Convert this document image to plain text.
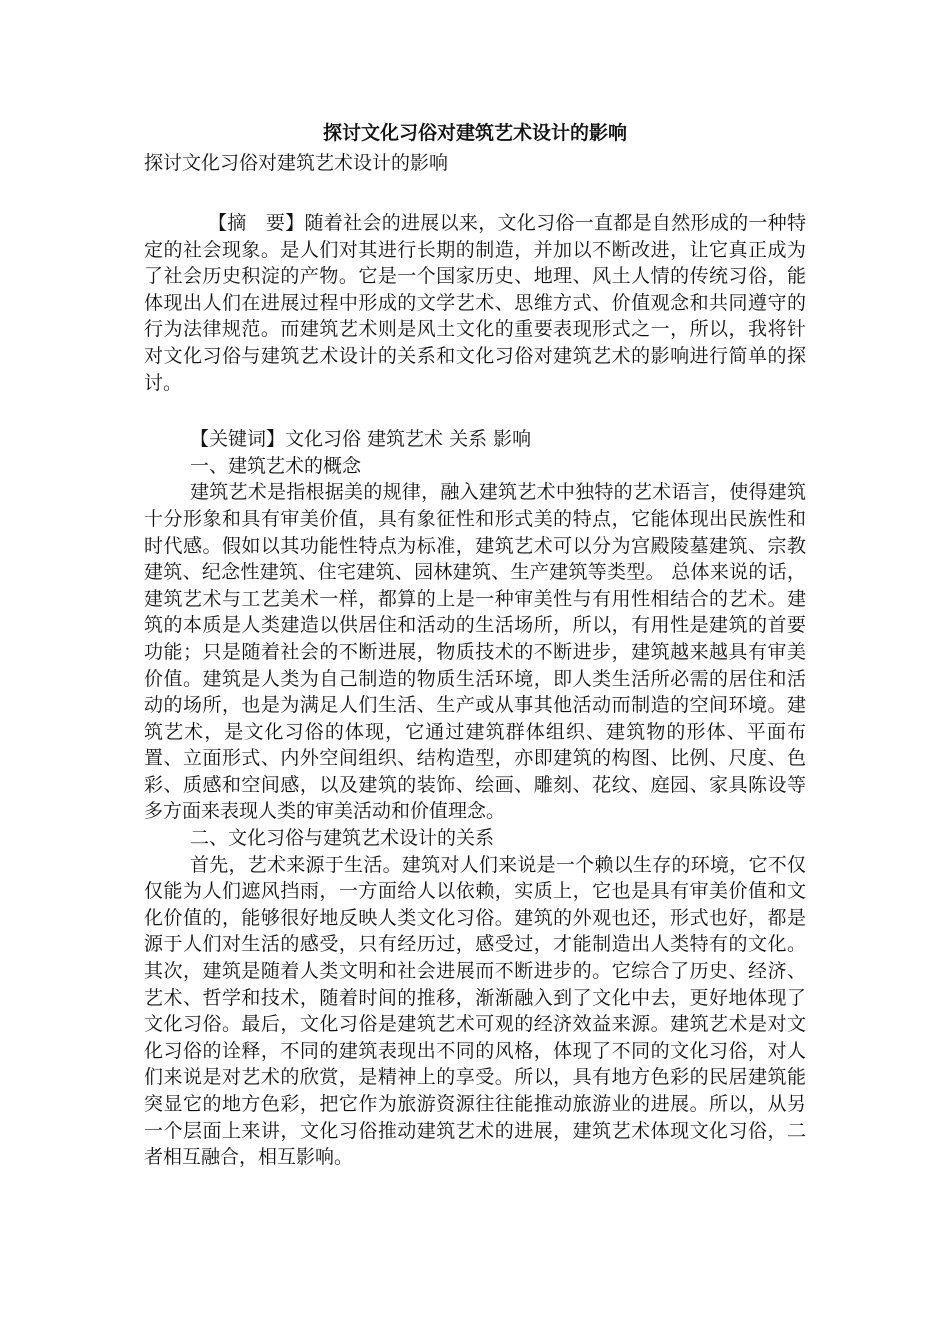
探讨文化习俗对建筑艺术设计的影响

探讨文化习俗对建筑艺术设计的影响

【摘　要】随着社会的进展以来，文化习俗一直都是自然形成的一种特定的社会现象。是人们对其进行长期的制造，并加以不断改进，让它真正成为了社会历史积淀的产物。它是一个国家历史、地理、风土人情的传统习俗，能体现出人们在进展过程中形成的文学艺术、思维方式、价值观念和共同遵守的行为法律规范。而建筑艺术则是风土文化的重要表现形式之一，所以，我将针对文化习俗与建筑艺术设计的关系和文化习俗对建筑艺术的影响进行简单的探讨。

【关键词】文化习俗 建筑艺术 关系 影响

一、建筑艺术的概念

建筑艺术是指根据美的规律，融入建筑艺术中独特的艺术语言，使得建筑十分形象和具有审美价值，具有象征性和形式美的特点，它能体现出民族性和时代感。假如以其功能性特点为标准，建筑艺术可以分为宫殿陵墓建筑、宗教建筑、纪念性建筑、住宅建筑、园林建筑、生产建筑等类型。 总体来说的话，建筑艺术与工艺美术一样，都算的上是一种审美性与有用性相结合的艺术。建筑的本质是人类建造以供居住和活动的生活场所，所以，有用性是建筑的首要功能；只是随着社会的不断进展，物质技术的不断进步，建筑越来越具有审美价值。建筑是人类为自己制造的物质生活环境，即人类生活所必需的居住和活动的场所，也是为满足人们生活、生产或从事其他活动而制造的空间环境。建筑艺术，是文化习俗的体现，它通过建筑群体组织、建筑物的形体、平面布置、立面形式、内外空间组织、结构造型，亦即建筑的构图、比例、尺度、色彩、质感和空间感，以及建筑的装饰、绘画、雕刻、花纹、庭园、家具陈设等多方面来表现人类的审美活动和价值理念。

二、文化习俗与建筑艺术设计的关系

首先，艺术来源于生活。建筑对人们来说是一个赖以生存的环境，它不仅仅能为人们遮风挡雨，一方面给人以依赖，实质上，它也是具有审美价值和文化价值的，能够很好地反映人类文化习俗。建筑的外观也还，形式也好，都是源于人们对生活的感受，只有经历过，感受过，才能制造出人类特有的文化。其次，建筑是随着人类文明和社会进展而不断进步的。它综合了历史、经济、艺术、哲学和技术，随着时间的推移，渐渐融入到了文化中去，更好地体现了文化习俗。最后，文化习俗是建筑艺术可观的经济效益来源。建筑艺术是对文化习俗的诠释，不同的建筑表现出不同的风格，体现了不同的文化习俗，对人们来说是对艺术的欣赏，是精神上的享受。所以，具有地方色彩的民居建筑能突显它的地方色彩，把它作为旅游资源往往能推动旅游业的进展。所以，从另一个层面上来讲，文化习俗推动建筑艺术的进展，建筑艺术体现文化习俗，二者相互融合，相互影响。
